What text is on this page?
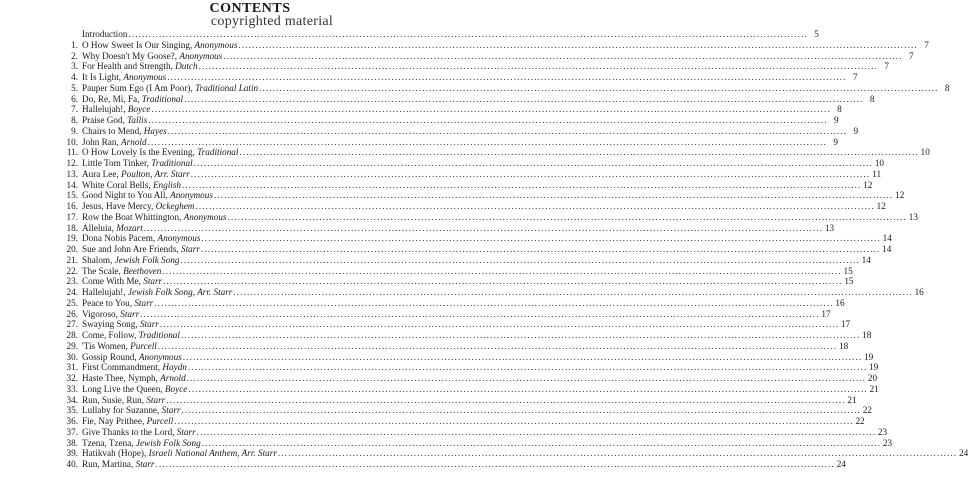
CONTENTS
copyrighted material
Introduction .....	5
1. O How Sweet Is Our Singing, Anonymous .....	7
2. Why Doesn't My Goose?, Anonymous .....	7
3. For Health and Strength, Dutch .....	7
4. It Is Light, Anonymous .....	7
5. Pauper Sum Ego (I Am Poor), Traditional Latin .....	8
6. Do, Re, Mi, Fa, Traditional .....	8
7. Hallelujah!, Boyce .....	8
8. Praise God, Tallis .....	9
9. Chairs to Mend, Hayes .....	9
10. John Ran, Arnold .....	9
11. O How Lovely Is the Evening, Traditional .....	10
12. Little Tom Tinker, Traditional .....	10
13. Aura Lee, Poulton, Arr. Starr .....	11
14. White Coral Bells, English .....	12
15. Good Night to You All, Anonymous .....	12
16. Jesus, Have Mercy, Ockeghem .....	12
17. Row the Boat Whittington, Anonymous .....	13
18. Alleluia, Mozart .....	13
19. Dona Nobis Pacem, Anonymous .....	14
20. Sue and John Are Friends, Starr .....	14
21. Shalom, Jewish Folk Song .....	14
22. The Scale, Beethoven .....	15
23. Come With Me, Starr .....	15
24. Hallelujah!, Jewish Folk Song, Arr. Starr .....	16
25. Peace to You, Starr .....	16
26. Vigoroso, Starr .....	17
27. Swaying Song, Starr .....	17
28. Come, Follow, Traditional .....	18
29. 'Tis Women, Purcell .....	18
30. Gossip Round, Anonymous .....	19
31. First Commandment, Haydn .....	19
32. Haste Thee, Nymph, Arnold .....	20
33. Long Live the Queen, Boyce .....	21
34. Run, Susie, Run, Starr .....	21
35. Lullaby for Suzanne, Starr .....	22
36. Fie, Nay Prithee, Purcell .....	22
37. Give Thanks to the Lord, Starr .....	23
38. Tzena, Tzena, Jewish Folk Song .....	23
39. Hatikvah (Hope), Israeli National Anthem, Arr. Starr .....	24
40. Run, Martina, Starr .....	24
